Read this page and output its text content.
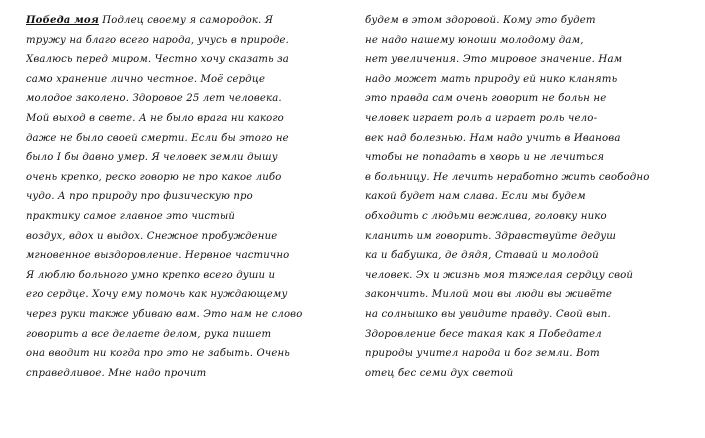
Победа моя Подлец своему я самородок. Я
тружу на благо всего народа, учусь в природе.
Хвалюсь перед миром. Честно хочу сказать за
само хранение лично честное. Моё сердце
молодое заколено. Здоровое 25 лет человека.
Мой выход в свете. А не было врага ни какого
даже не было своей смерти. Если бы этого не
было I бы давно умер. Я человек земли дышу
очень крепко, реско говорю не про какое либо
чудо. А про природу про физическую про
практику самое главное это чистый
воздух, вдох и выдох. Снежное пробуждение
мгновенное выздоровление. Нервное частично
Я люблю больного умно крепко всего души и
его сердце. Хочу ему помочь как нуждающему
через руки также убиваю вам. Это нам не слово
говорить а все делаете делом, рука пишет
она вводит ни когда про это не забыть. Очень
справедливое. Мне надо прочит
будем в этом здоровой. Кому это будет
не надо нашему юноши молодому дам,
нет увеличения. Это мировое значение. Нам
надо может мать природу ей нико кланять
это правда сам очень говорит не больн не
человек играет роль а играет роль чело-
век над болезнью. Нам надо учить в Иванова
чтобы не попадать в хворь и не лечиться
в больницу. Не лечить неработно жить свободно
какой будет нам слава. Если мы будем
обходить с людьми вежлива, головку нико
кланить им говорить. Здравствуйте дедуш
ка и бабушка, де дядя, Ставай и молодой
человек. Эх и жизнь моя тяжелая сердцу свой
закончить. Милой мои вы люди вы живёте
на солнышко вы увидите правду. Свой вып.
Здоровление бесе такая как я Победател
природы учител народа и бог земли. Вот
отец бес семи дух светой
